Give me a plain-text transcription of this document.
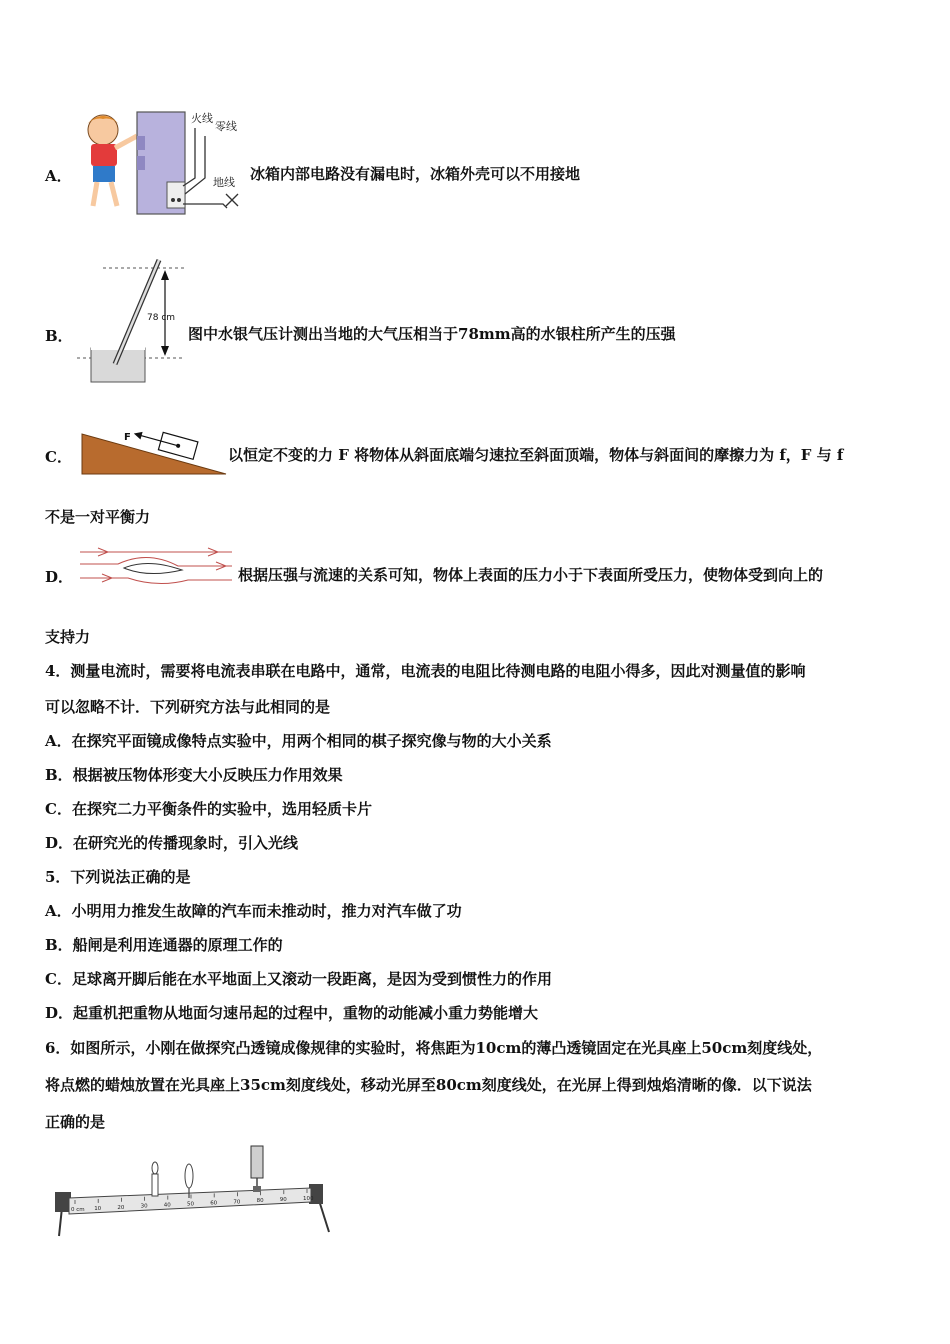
A．
火线
零线
地线 冰箱内部电路没有漏电时，冰箱外壳可以不用接地
B．
78 cm
图中水银气压计测出当地的大气压相当于78mm高的水银柱所产生的压强
C．
F
以恒定不变的力 F 将物体从斜面底端匀速拉至斜面顶端，物体与斜面间的摩擦力为 f，F 与 f
不是一对平衡力
D．	根据压强与流速的关系可知，物体上表面的压力小于下表面所受压力，使物体受到向上的
支持力
4．测量电流时，需要将电流表串联在电路中，通常，电流表的电阻比待测电路的电阻小得多，因此对测量值的影响
可以忽略不计．下列研究方法与此相同的是
A．在探究平面镜成像特点实验中，用两个相同的棋子探究像与物的大小关系
B．根据被压物体形变大小反映压力作用效果
C．在探究二力平衡条件的实验中，选用轻质卡片
D．在研究光的传播现象时，引入光线
5．下列说法正确的是
A．小明用力推发生故障的汽车而未推动时，推力对汽车做了功
B．船闸是利用连通器的原理工作的
C．足球离开脚后能在水平地面上又滚动一段距离，是因为受到惯性力的作用
D．起重机把重物从地面匀速吊起的过程中，重物的动能减小重力势能增大
6．如图所示，小刚在做探究凸透镜成像规律的实验时，将焦距为10cm的薄凸透镜固定在光具座上50cm刻度线处，
将点燃的蜡烛放置在光具座上35cm刻度线处，移动光屏至80cm刻度线处，在光屏上得到烛焰清晰的像．以下说法
正确的是
0 cm 10	20	30	40	50	60	70	80	90	100
